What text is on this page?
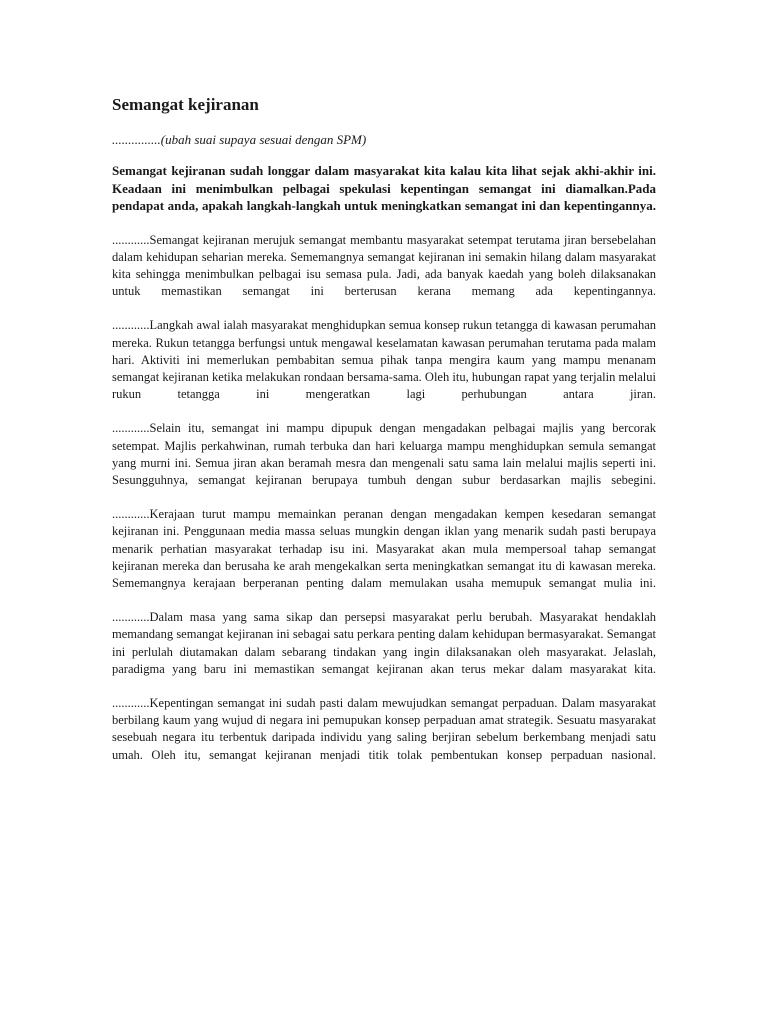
Semangat kejiranan
...............(ubah suai supaya sesuai dengan SPM)
Semangat kejiranan sudah longgar dalam masyarakat kita kalau kita lihat sejak akhi-akhir ini. Keadaan ini menimbulkan pelbagai spekulasi kepentingan semangat ini diamalkan.Pada pendapat anda, apakah langkah-langkah untuk meningkatkan semangat ini dan kepentingannya.
............Semangat kejiranan merujuk semangat membantu masyarakat setempat terutama jiran bersebelahan dalam kehidupan seharian mereka. Sememangnya semangat kejiranan ini semakin hilang dalam masyarakat kita sehingga menimbulkan pelbagai isu semasa pula. Jadi, ada banyak kaedah yang boleh dilaksanakan untuk memastikan semangat ini berterusan kerana memang ada kepentingannya.
............Langkah awal ialah masyarakat menghidupkan semua konsep rukun tetangga di kawasan perumahan mereka. Rukun tetangga berfungsi untuk mengawal keselamatan kawasan perumahan terutama pada malam hari. Aktiviti ini memerlukan pembabitan semua pihak tanpa mengira kaum yang mampu menanam semangat kejiranan ketika melakukan rondaan bersama-sama. Oleh itu, hubungan rapat yang terjalin melalui rukun tetangga ini mengeratkan lagi perhubungan antara jiran.
............Selain itu, semangat ini mampu dipupuk dengan mengadakan pelbagai majlis yang bercorak setempat. Majlis perkahwinan, rumah terbuka dan hari keluarga mampu menghidupkan semula semangat yang murni ini. Semua jiran akan beramah mesra dan mengenali satu sama lain melalui majlis seperti ini. Sesungguhnya, semangat kejiranan berupaya tumbuh dengan subur berdasarkan majlis sebegini.
............Kerajaan turut mampu memainkan peranan dengan mengadakan kempen kesedaran semangat kejiranan ini. Penggunaan media massa seluas mungkin dengan iklan yang menarik sudah pasti berupaya menarik perhatian masyarakat terhadap isu ini. Masyarakat akan mula mempersoal tahap semangat kejiranan mereka dan berusaha ke arah mengekalkan serta meningkatkan semangat itu di kawasan mereka. Sememangnya kerajaan berperanan penting dalam memulakan usaha memupuk semangat mulia ini.
............Dalam masa yang sama sikap dan persepsi masyarakat perlu berubah. Masyarakat hendaklah memandang semangat kejiranan ini sebagai satu perkara penting dalam kehidupan bermasyarakat. Semangat ini perlulah diutamakan dalam sebarang tindakan yang ingin dilaksanakan oleh masyarakat. Jelaslah, paradigma yang baru ini memastikan semangat kejiranan akan terus mekar dalam masyarakat kita.
............Kepentingan semangat ini sudah pasti dalam mewujudkan semangat perpaduan. Dalam masyarakat berbilang kaum yang wujud di negara ini pemupukan konsep perpaduan amat strategik. Sesuatu masyarakat sesebuah negara itu terbentuk daripada individu yang saling berjiran sebelum berkembang menjadi satu umah. Oleh itu, semangat kejiranan menjadi titik tolak pembentukan konsep perpaduan nasional.
